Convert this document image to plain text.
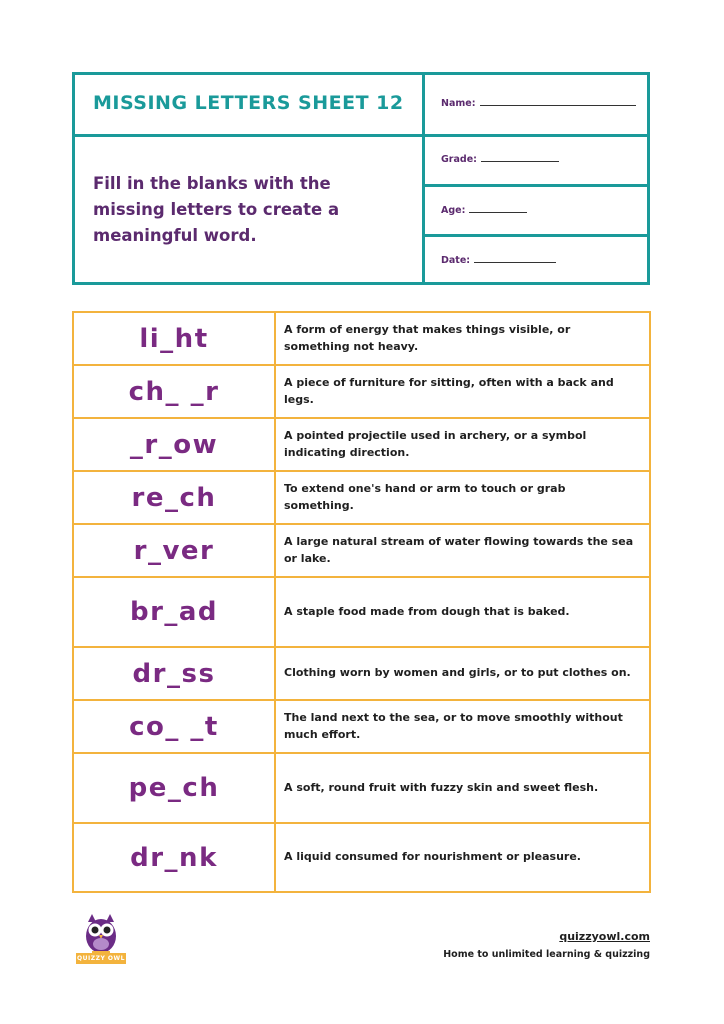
MISSING LETTERS SHEET 12
Fill in the blanks with the missing letters to create a meaningful word.
Name:
Grade:
Age:
Date:
li_ht	A form of energy that makes things visible, or something not heavy.
ch_ _r	A piece of furniture for sitting, often with a back and legs.
_r_ow	A pointed projectile used in archery, or a symbol indicating direction.
re_ch	To extend one's hand or arm to touch or grab something.
r_ver	A large natural stream of water flowing towards the sea or lake.
br_ad	A staple food made from dough that is baked.
dr_ss	Clothing worn by women and girls, or to put clothes on.
co_ _t	The land next to the sea, or to move smoothly without much effort.
pe_ch	A soft, round fruit with fuzzy skin and sweet flesh.
dr_nk	A liquid consumed for nourishment or pleasure.
QUIZZY OWL
quizzyowl.com
Home to unlimited learning & quizzing
